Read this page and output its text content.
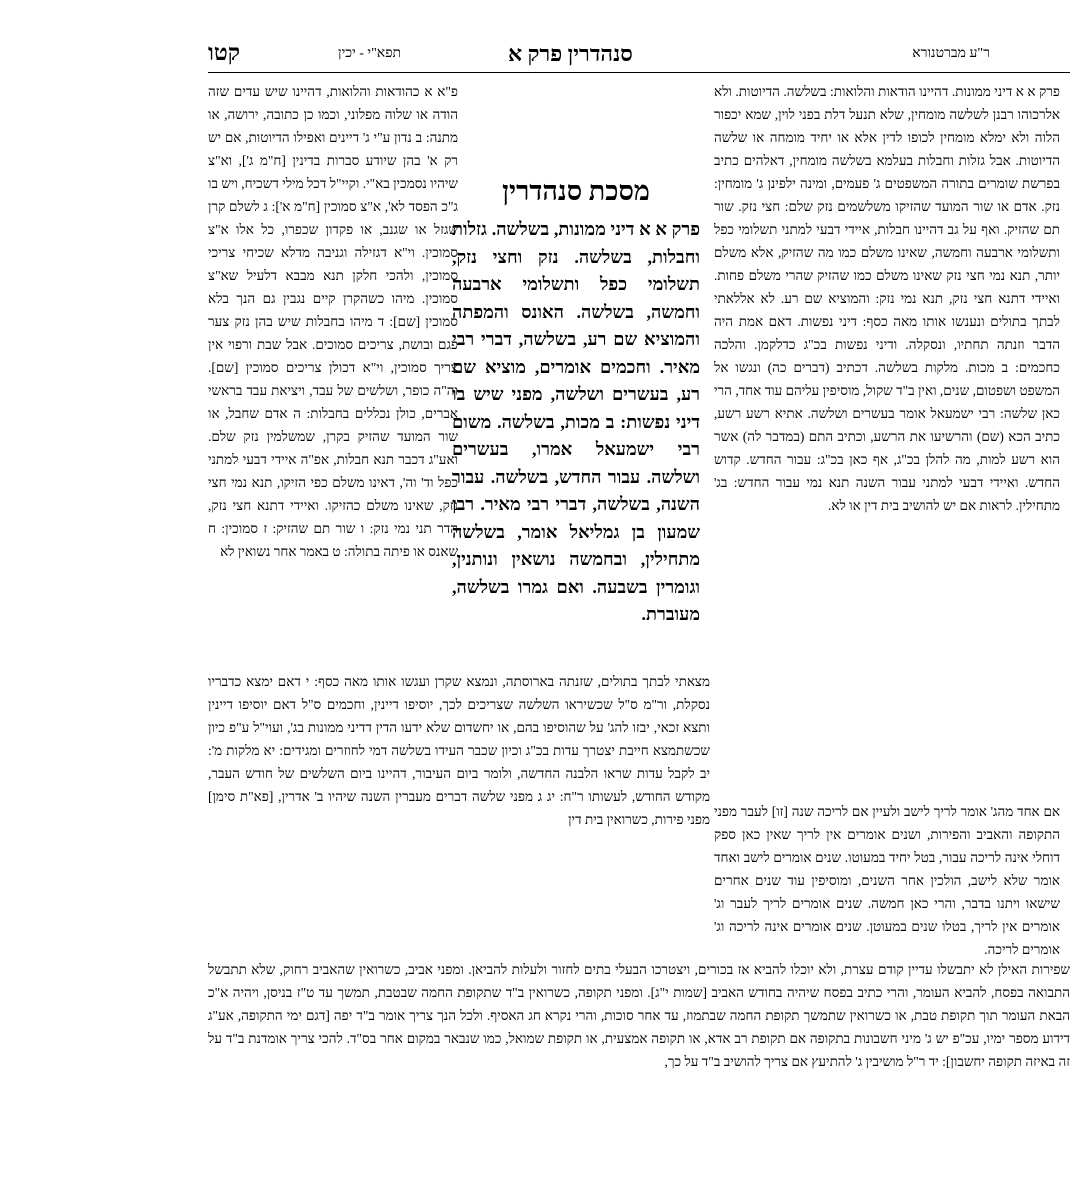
קטו	תפא"י - יכין	סנהדרין פרק א	ר"ע מברטנורא
פרק א א דיני ממונות. דהיינו הודאות והלואות: בשלשה. הדיוטות. ולא אלרכוהו רבנן לשלשה מומחין, שלא תנעל דלת בפני לוין, שמא יכפור הלוה ולא ימלא מומחין לכופו לדין אלא או יחיד מומחה או שלשה הדיוטות. אבל גזלות וחבלות בעלמא בשלשה מומחין, דאלהים כתיב בפרשת שומרים בתורה המשפטים ג' פעמים, ומינה ילפינן ג' מומחין: נזק. אדם או שור המועד שהזיקו משלשמים נזק שלם: חצי נזק. שור תם שהזיק. ואף על גב דהיינו חבלות, איידי דבעי למתני תשלומי כפל ותשלומי ארבעה וחמשה, שאינו משלם כמו מה שהזיק, אלא משלם יותר, תנא נמי חצי נזק שאינו משלם כמו שהזיק שהרי משלם פחות. ואיידי דתנא חצי נזק, תנא נמי נזק: והמוציא שם רע. לא אללאתי לבתך בתולים ונענשו אותו מאה כסף: דיני נפשות. דאם אמת היה הדבר וזנתה תחתיו, ונסקלה. ודיני נפשות בכ"ג כדלקמן. והלכה כחכמים: ב מכות. מלקות בשלשה. דכתיב (דברים כה) ונגשו אל המשפט ושפטום, שנים, ואין ב"ד שקול, מוסיפין עליהם עוד אחד, הרי כאן שלשה: רבי ישמעאל אומר בעשרים ושלשה. אתיא רשע רשע, כתיב הכא (שם) והרשיעו את הרשע, וכתיב התם (במדבר לה) אשר הוא רשע למות, מה להלן בכ"ג, אף כאן בכ"ג: עבור החדש. קדוש החדש. ואיידי דבעי למתני עבור השנה תנא נמי עבור החדש: בג' מתחילין. לראות אם יש להושיב בית דין או לא.
פ"א א כהודאות והלואות, דהיינו שיש עדים שזה הודה או שלוה מפלוני, וכמו כן כתובה, ירושה, או מתנה: ב נדון ע"י ג' דיינים ואפילו הדיוטות, אם יש רק א' בהן שיודע סברות בדינין [ח"מ ג'], וא"צ שיהיו נסמכין בא"י. וקיי"ל דכל מילי דשכיח, ויש בו ג"כ הפסד לא', א"צ סמוכין [ח"מ א']: ג לשלם קרן שגזל או שגנב, או פקדון שכפרו, כל אלו א"צ סמוכין. וי"א דגזילה וגניבה מדלא שכיחי צריכי סמוכין, ולהכי חלקן תנא מבבא דלעיל שא"צ סמוכין. מיהו כשהקרן קיים נגבין גם הנך בלא סמוכין [שם]: ד מיהו בחבלות שיש בהן נזק צער פגם ובושת, צריכים סמוכים. אבל שבת ורפוי אין צריך סמוכין, וי"א דכולן צריכים סמוכין [שם]. וה"ה כופר, ושלשים של עבד, ויציאת עבד בראשי אברים, כולן נכללים בחבלות: ה אדם שחבל, או שור המועד שהזיק בקרן, שמשלמין נזק שלם. ואע"ג דכבר תנא חבלות, אפ"ה איידי דבעי למתני כפל וד' וה', דאינו משלם כפי הזיקו, תנא נמי חצי נזק, שאינו משלם כהזיקו. ואיידי דתנא חצי נזק, הדר תני נמי נזק: ו שור תם שהזיק: ז סמוכין: ח שאנס או פיתה בתולה: ט באמר אחר נשואין לא
מסכת סנהדרין
פרק א א דיני ממונות, בשלשה. גזלות וחבלות, בשלשה. נזק וחצי נזק, תשלומי כפל ותשלומי ארבעה וחמשה, בשלשה. האונס והמפתה והמוציא שם רע, בשלשה, דברי רבי מאיר. וחכמים אומרים, מוציא שם רע, בעשרים ושלשה, מפני שיש בו דיני נפשות: ב מכות, בשלשה. משום רבי ישמעאל אמרו, בעשרים ושלשה. עבור החדש, בשלשה. עבור השנה, בשלשה, דברי רבי מאיר. רבן שמעון בן גמליאל אומר, בשלשה מתחילין, ובחמשה נושאין ונותנין, וגומרין בשבעה. ואם גמרו בשלשה, מעוברת.
מצאתי לבתך בתולים, שזנתה בארוסתה, ונמצא שקרן ועגשו אותו מאה כסף: י דאם ימצא כדבריו נסקלת, ור"מ ס"ל שכשיראו השלשה שצריכים לכך, יוסיפו דיינין, וחכמים ס"ל דאם יוסיפו דיינין ותצא זכאי, יבזו להג' על שהוסיפו בהם, או יחשדום שלא ידעו הדין דדיני ממונות בג', ועוי"ל ע"פ כיון שכשתמצא חייבת יצטרך עדות בכ"ג וכיון שכבר העידו בשלשה דמי לחוזרים ומגידים: יא מלקות מ': יב לקבל עדות שראו הלבנה החדשה, ולומר ביום העיבור, דהיינו ביום השלשים של חודש העבר, מקודש החודש, לעשותו ר"ח: יג ג מפני שלשה דברים מעברין השנה שיהיו ב' אדרין, [פא"ת סימן] מפני פירות, כשרואין בית דין
אם אחד מהג' אומר לריך לישב ולעיין אם לריכה שנה [זו] לעבר מפני התקופה והאביב והפירות, ושנים אומרים אין לריך שאין כאן ספק דוחלי אינה לריכה עבור, בטל יחיד במעוטו. שנים אומרים לישב ואחד אומר שלא לישב, הולכין אחר השנים, ומוסיפין עוד שנים אחרים שישאו ויתנו בדבר, והרי כאן חמשה. שנים אומרים לריך לעבר וג' אומרים אין לריך, בטלו שנים במעוטן. שנים אומרים אינה לריכה וג' אומרים לריכה.
שפירות האילן לא יתבשלו עדיין קודם עצרת, ולא יוכלו להביא אז בכורים, ויצטרכו הבעלי בתים לחזור ולעלות להביאן. ומפני אביב, כשרואין שהאביב רחוק, שלא תתבשל התבואה בפסח, להביא העומר, והרי כתיב בפסח שיהיה בחודש האביב [שמות י"ג]. ומפני תקופה, כשרואין ב"ד שתקופת החמה שבטבת, תמשך עד ט"ז בניסן, ויהיה א"כ הבאת העומר תוך תקופת טבת, או כשרואין שתמשך תקופת החמה שבתמוז, עד אחר סוכות, והרי נקרא חג האסיף. ולכל הנך צריך אומר ב"ד יפה [דגם ימי התקופה, אע"ג דידוע מספר ימיו, עכ"פ יש ג' מיני חשבונות בתקופה אם תקופת רב אדא, או תקופה אמצעית, או תקופת שמואל, כמו שנבאר במקום אחר בס"ד. להכי צריך אומדנת ב"ד על זה באיזה תקופה יחשבון]: יד ר"ל מושיבין ג' להתיעץ אם צריך להושיב ב"ד על כך,
